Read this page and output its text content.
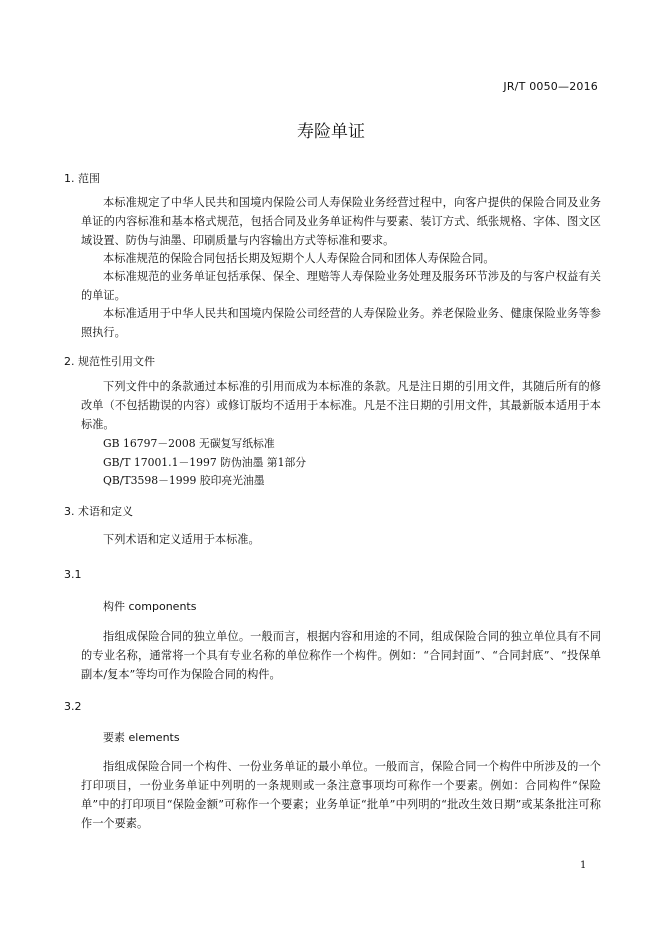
JR/T 0050—2016
寿险单证
1. 范围
本标准规定了中华人民共和国境内保险公司人寿保险业务经营过程中，向客户提供的保险合同及业务单证的内容标准和基本格式规范，包括合同及业务单证构件与要素、装订方式、纸张规格、字体、图文区域设置、防伪与油墨、印刷质量与内容输出方式等标准和要求。
本标准规范的保险合同包括长期及短期个人人寿保险合同和团体人寿保险合同。
本标准规范的业务单证包括承保、保全、理赔等人寿保险业务处理及服务环节涉及的与客户权益有关的单证。
本标准适用于中华人民共和国境内保险公司经营的人寿保险业务。养老保险业务、健康保险业务等参照执行。
2. 规范性引用文件
下列文件中的条款通过本标准的引用而成为本标准的条款。凡是注日期的引用文件，其随后所有的修改单（不包括勘误的内容）或修订版均不适用于本标准。凡是不注日期的引用文件，其最新版本适用于本标准。
GB 16797－2008 无碳复写纸标准
GB/T 17001.1－1997 防伪油墨 第1部分
QB/T3598－1999 胶印亮光油墨
3. 术语和定义
下列术语和定义适用于本标准。
3.1
构件 components
指组成保险合同的独立单位。一般而言，根据内容和用途的不同，组成保险合同的独立单位具有不同的专业名称，通常将一个具有专业名称的单位称作一个构件。例如：“合同封面”、“合同封底”、“投保单副本/复本”等均可作为保险合同的构件。
3.2
要素 elements
指组成保险合同一个构件、一份业务单证的最小单位。一般而言，保险合同一个构件中所涉及的一个打印项目，一份业务单证中列明的一条规则或一条注意事项均可称作一个要素。例如：合同构件“保险单”中的打印项目“保险金额”可称作一个要素；业务单证“批单”中列明的“批改生效日期”或某条批注可称作一个要素。
1
